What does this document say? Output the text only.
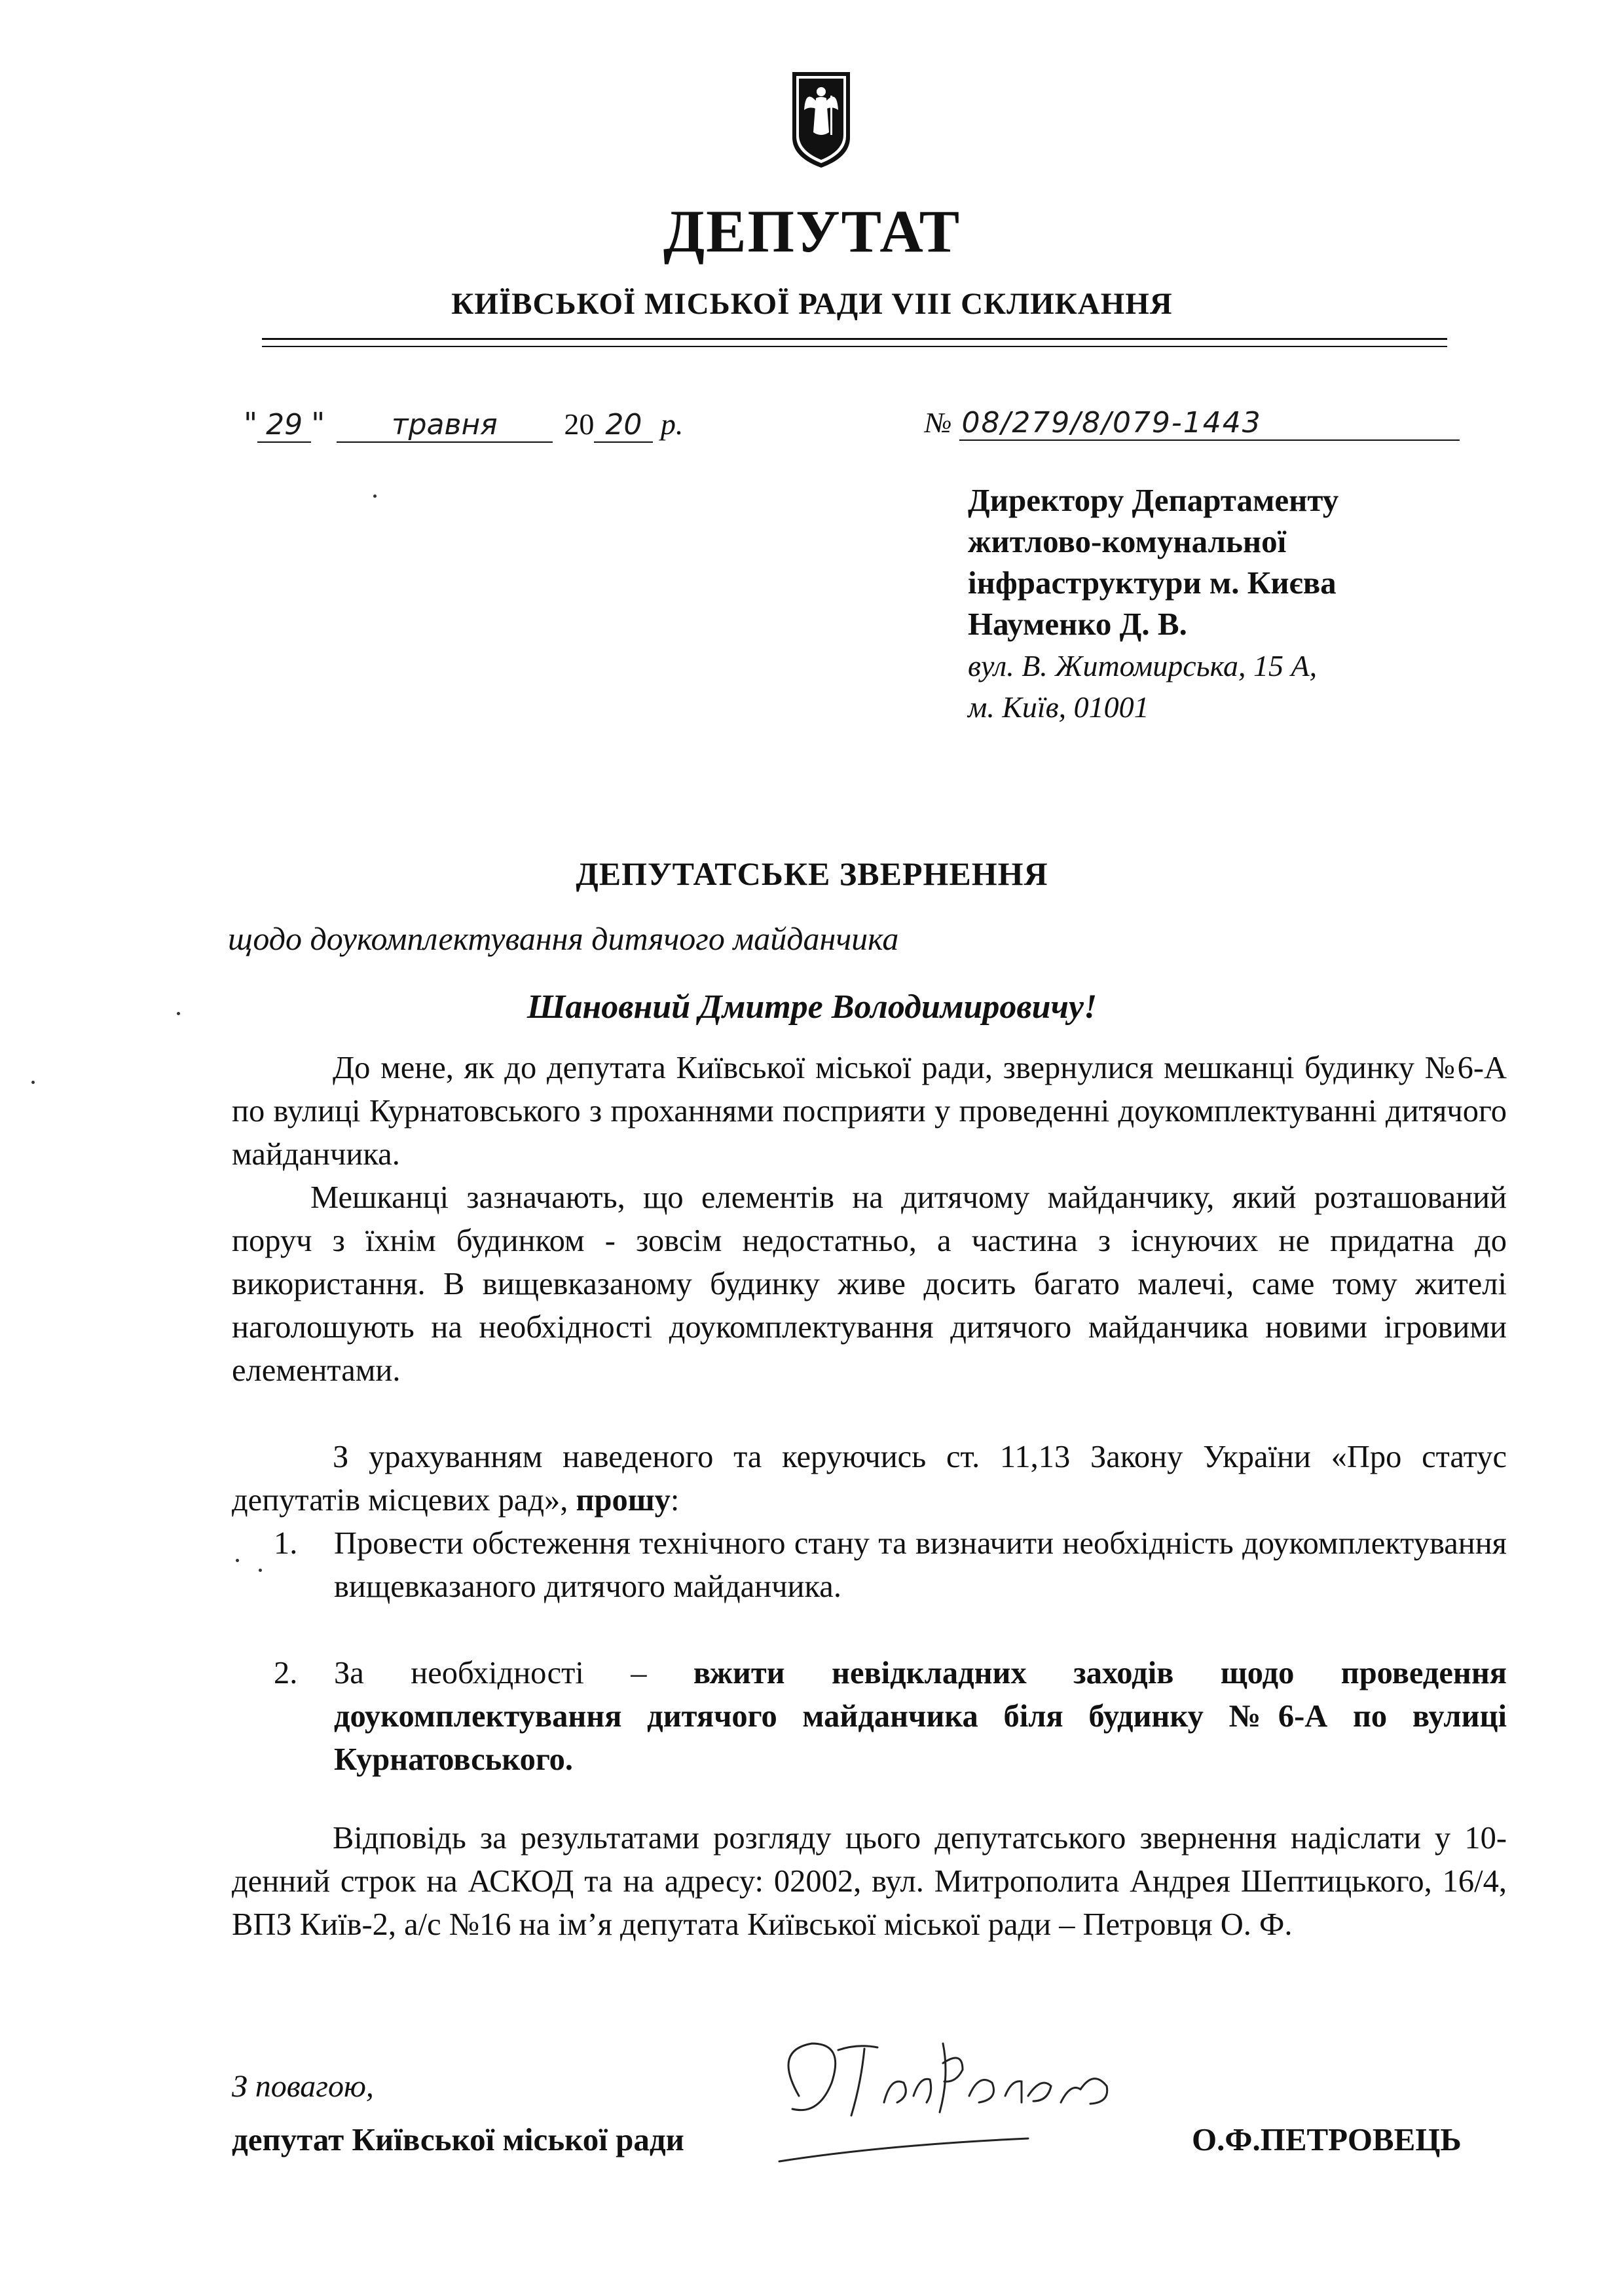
ДЕПУТАТ
КИЇВСЬКОЇ МІСЬКОЇ РАДИ VIII СКЛИКАННЯ
" 29 " травня 20 20 р.	№ 08/279/8/079-1443
Директору Департаменту
житлово-комунальної
інфраструктури м. Києва
Науменко Д. В.
вул. В. Житомирська, 15 А,
м. Київ, 01001
ДЕПУТАТСЬКЕ ЗВЕРНЕННЯ
щодо доукомплектування дитячого майданчика
Шановний Дмитре Володимировичу!
До мене, як до депутата Київської міської ради, звернулися мешканці будинку №6-А по вулиці Курнатовського з проханнями посприяти у проведенні доукомплектуванні дитячого майданчика.
Мешканці зазначають, що елементів на дитячому майданчику, який розташований поруч з їхнім будинком - зовсім недостатньо, а частина з існуючих не придатна до використання. В вищевказаному будинку живе досить багато малечі, саме тому жителі наголошують на необхідності доукомплектування дитячого майданчика новими ігровими елементами.
З урахуванням наведеного та керуючись ст. 11,13 Закону України «Про статус депутатів місцевих рад», прошу:
1.	Провести обстеження технічного стану та визначити необхідність доукомплектування вищевказаного дитячого майданчика.
2.	За необхідності – вжити невідкладних заходів щодо проведення доукомплектування дитячого майданчика біля будинку №6-А по вулиці Курнатовського.
Відповідь за результатами розгляду цього депутатського звернення надіслати у 10-денний строк на АСКОД та на адресу: 02002, вул. Митрополита Андрея Шептицького, 16/4, ВПЗ Київ-2, а/с №16 на ім’я депутата Київської міської ради – Петровця О. Ф.
З повагою,
депутат Київської міської ради	О.Ф.ПЕТРОВЕЦЬ
